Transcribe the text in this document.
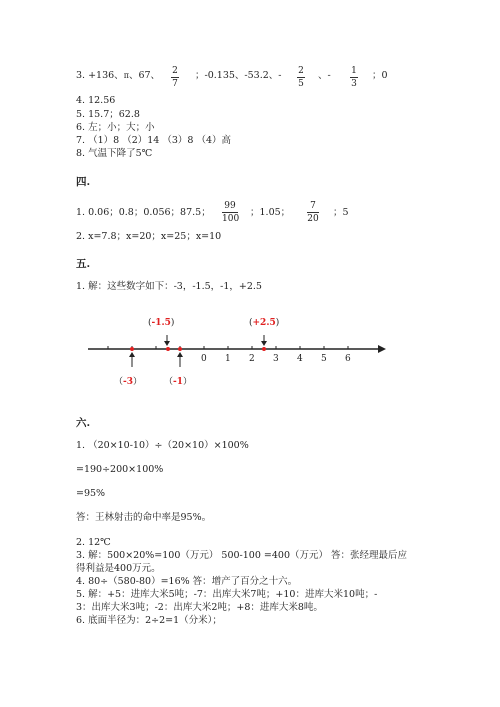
3. +136、π、67、 2
7
；-0.135、-53.2、- 2
5
、- 1
3
；0
4. 12.56
5. 15.7；62.8
6. 左；小；大；小
7. （1）8 （2）14 （3）8 （4）高
8. 气温下降了5℃
四.
1. 0.06；0.8；0.056；87.5；
99
100
；1.05；
7
20
；5
2. x=7.8；x=20；x=25；x=10
五.
1. 解：这些数字如下：-3，-1.5，-1，+2.5
0 1 2 3 4 5 6
(-1.5)	(+2.5)
（-3） （-1）
六.
1. （20×10-10）÷（20×10）×100%
=190÷200×100%
=95%
答：王林射击的命中率是95%。
2. 12℃
3. 解：500×20%=100（万元） 500-100 =400（万元） 答：张经理最后应
得利益是400万元。
4. 80÷（580-80）=16% 答：增产了百分之十六。
5. 解：+5：进库大米5吨；-7：出库大米7吨；+10：进库大米10吨；-
3：出库大米3吨；-2：出库大米2吨；+8：进库大米8吨。
6. 底面半径为：2÷2=1（分米）；
